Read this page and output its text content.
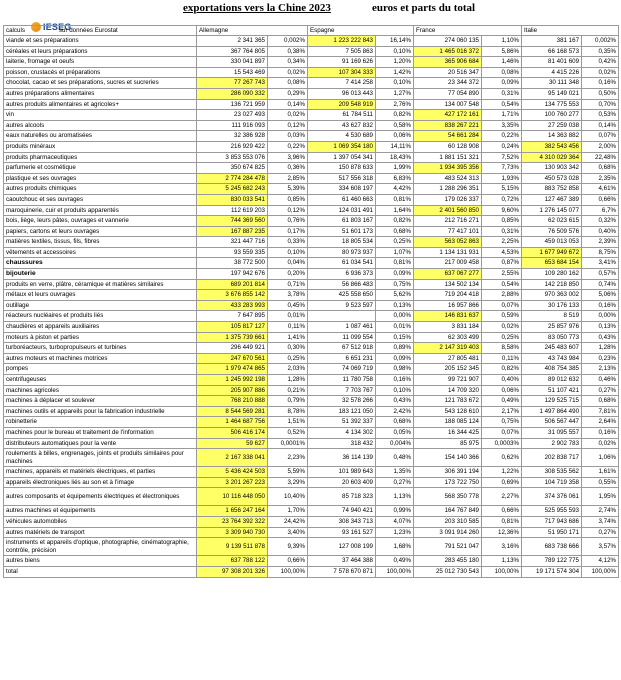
exportations vers la Chine 2023	euros et parts du total
IESEG
calculs sur données Eurostat	Allemagne		Espagne		France		Italie	
viande et ses préparations	2 341 365	0,002%	1 223 222 843	16,14%	274 060 135	1,10%	381 167	0,002%
céréales et leurs préparations	367 764 805	0,38%	7 505 863	0,10%	1 465 016 372	5,86%	66 168 573	0,35%
laiterie, fromage et oeufs	330 041 897	0,34%	91 169 626	1,20%	365 906 684	1,46%	81 401 609	0,42%
poisson, crustacés et préparations	15 543 469	0,02%	107 304 333	1,42%	20 516 347	0,08%	4 415 226	0,02%
chocolat, cacao et ses préparations, sucres et sucreries	77 267 743	0,08%	7 414 258	0,10%	23 344 372	0,09%	30 111 348	0,16%
autres préparations alimentaires	286 090 332	0,29%	96 013 443	1,27%	77 054 890	0,31%	95 149 021	0,50%
autres produits alimentaires et agricoles+	136 721 959	0,14%	209 548 919	2,76%	134 007 548	0,54%	134 775 553	0,70%
vin	23 027 493	0,02%	61 784 511	0,82%	427 172 161	1,71%	100 760 277	0,53%
autres alcools	111 916 093	0,12%	43 627 832	0,58%	838 267 221	3,35%	27 259 038	0,14%
eaux naturelles ou aromatisées	32 386 928	0,03%	4 530 689	0,06%	54 661 284	0,22%	14 363 882	0,07%
produits minéraux	216 929 422	0,22%	1 069 354 180	14,11%	60 128 908	0,24%	382 543 456	2,00%
produits pharmaceutiques	3 853 553 076	3,96%	1 397 054 341	18,43%	1 881 151 321	7,52%	4 310 029 364	22,48%
parfumerie et cosmétique	350 674 825	0,36%	150 878 633	1,99%	1 934 395 356	7,73%	130 903 342	0,68%
plastique et ses ouvrages	2 774 284 478	2,85%	517 556 318	6,83%	483 524 313	1,93%	450 573 028	2,35%
autres produits chimiques	5 245 682 243	5,39%	334 608 197	4,42%	1 288 296 351	5,15%	883 752 858	4,61%
caoutchouc et ses ouvrages	830 033 541	0,85%	61 460 663	0,81%	179 026 337	0,72%	127 467 389	0,66%
maroquinerie, cuir et produits apparentés	112 619 203	0,12%	124 031 491	1,64%	2 401 560 850	9,60%	1 276 145 077	6,7%
bois, liège, leurs pâtes, ouvrages et vannerie	744 369 560	0,76%	61 803 167	0,82%	212 716 271	0,85%	62 023 615	0,32%
papiers, cartons et leurs ouvrages	167 887 235	0,17%	51 601 173	0,68%	77 417 101	0,31%	76 509 576	0,40%
matières textiles, tissus, fils, fibres	321 447 716	0,33%	18 805 534	0,25%	563 052 863	2,25%	459 013 053	2,39%
vêtements et accessoires	93 559 335	0,10%	80 973 937	1,07%	1 134 131 931	4,53%	1 677 949 672	8,75%
chaussures	38 772 500	0,04%	61 034 541	0,81%	217 009 458	0,87%	653 684 154	3,41%
bijouterie	197 942 676	0,20%	6 936 373	0,09%	637 067 277	2,55%	109 280 162	0,57%
produits en verre, plâtre, céramique et matières similaires	689 201 814	0,71%	56 866 483	0,75%	134 502 134	0,54%	142 218 850	0,74%
métaux et leurs ouvrages	3 676 855 142	3,78%	425 558 650	5,62%	719 204 418	2,88%	970 363 002	5,06%
outillage	433 283 993	0,45%	9 523 597	0,13%	16 957 866	0,07%	30 176 133	0,16%
réacteurs nucléaires et produits liés	7 647 895	0,01%		0,00%	146 831 637	0,59%	8 519	0,00%
chaudières et appareils auxiliaires	105 817 127	0,11%	1 087 461	0,01%	3 831 184	0,02%	25 857 976	0,13%
moteurs à piston et parties	1 375 739 661	1,41%	11 099 554	0,15%	62 303 499	0,25%	83 050 773	0,43%
turboréacteurs, turbopropulseurs et turbines	296 449 921	0,30%	67 512 918	0,89%	2 147 319 403	8,58%	245 483 607	1,28%
autres moteurs et machines motrices	247 670 561	0,25%	6 651 231	0,09%	27 805 481	0,11%	43 743 984	0,23%
pompes	1 979 474 865	2,03%	74 069 719	0,98%	205 152 345	0,82%	408 754 385	2,13%
centrifugeuses	1 245 992 198	1,28%	11 780 758	0,16%	99 721 907	0,40%	89 012 632	0,46%
machines agricoles	205 907 886	0,21%	7 703 767	0,10%	14 709 320	0,06%	51 107 421	0,27%
machines à déplacer et soulever	768 210 888	0,79%	32 578 266	0,43%	121 783 672	0,49%	129 525 715	0,68%
machines outils et appareils pour la fabrication industrielle	8 544 569 281	8,78%	183 121 050	2,42%	543 128 610	2,17%	1 497 864 490	7,81%
robinetterie	1 464 687 756	1,51%	51 392 337	0,68%	188 085 124	0,75%	506 567 447	2,64%
machines pour le bureau et traitement de l'information	506 416 174	0,52%	4 134 302	0,05%	16 344 425	0,07%	31 095 557	0,16%
distributeurs automatiques pour la vente	59 627	0,0001%	318 432	0,004%	85 975	0,0003%	2 902 783	0,02%
roulements à billes, engrenages, joints et produits similaires pour machines	2 167 338 041	2,23%	36 114 139	0,48%	154 140 366	0,62%	202 838 717	1,06%
machines, appareils et matériels électriques, et parties	5 436 424 503	5,59%	101 989 643	1,35%	306 391 194	1,22%	308 535 562	1,61%
appareils électroniques liés au son et à l'image	3 201 267 223	3,29%	20 603 409	0,27%	173 722 750	0,69%	104 719 358	0,55%
autres composants et équipements électriques et électroniques	10 116 448 050	10,40%	85 718 323	1,13%	568 350 778	2,27%	374 376 061	1,95%
autres machines et équipements	1 656 247 164	1,70%	74 940 421	0,99%	164 767 849	0,66%	525 955 593	2,74%
véhicules automobiles	23 764 392 322	24,42%	308 343 713	4,07%	203 310 585	0,81%	717 943 686	3,74%
autres matériels de transport	3 309 940 730	3,40%	93 161 527	1,23%	3 091 914 260	12,36%	51 950 171	0,27%
instruments et appareils d'optique, photographie, cinématographie, contrôle, précision	9 139 511 878	9,39%	127 008 199	1,68%	791 521 047	3,16%	683 738 666	3,57%
autres biens	637 788 122	0,66%	37 464 388	0,49%	283 455 180	1,13%	789 122 775	4,12%
total	97 308 201 326	100,00%	7 578 670 871	100,00%	25 012 730 543	100,00%	19 171 574 304	100,00%
